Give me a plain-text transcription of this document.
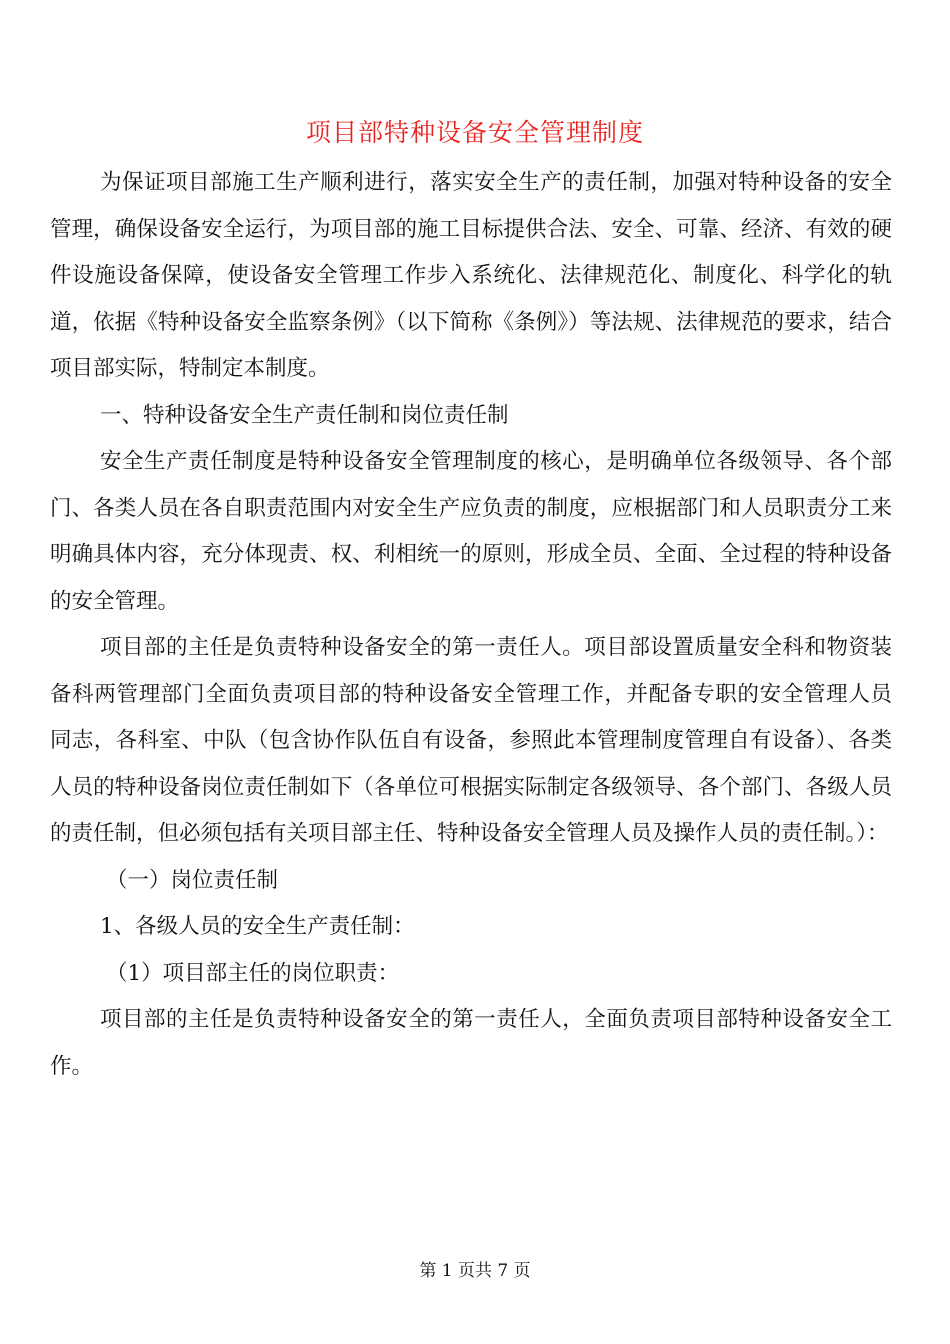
项目部特种设备安全管理制度

为保证项目部施工生产顺利进行，落实安全生产的责任制，加强对特种设备的安全管理，确保设备安全运行，为项目部的施工目标提供合法、安全、可靠、经济、有效的硬件设施设备保障，使设备安全管理工作步入系统化、法律规范化、制度化、科学化的轨道，依据《特种设备安全监察条例》（以下简称《条例》）等法规、法律规范的要求，结合项目部实际，特制定本制度。

一、特种设备安全生产责任制和岗位责任制

安全生产责任制度是特种设备安全管理制度的核心，是明确单位各级领导、各个部门、各类人员在各自职责范围内对安全生产应负责的制度，应根据部门和人员职责分工来明确具体内容，充分体现责、权、利相统一的原则，形成全员、全面、全过程的特种设备的安全管理。

项目部的主任是负责特种设备安全的第一责任人。项目部设置质量安全科和物资装备科两管理部门全面负责项目部的特种设备安全管理工作，并配备专职的安全管理人员 同志，各科室、中队（包含协作队伍自有设备，参照此本管理制度管理自有设备）、各类人员的特种设备岗位责任制如下（各单位可根据实际制定各级领导、各个部门、各级人员的责任制，但必须包括有关项目部主任、特种设备安全管理人员及操作人员的责任制。）：

（一）岗位责任制

1、各级人员的安全生产责任制：

（1）项目部主任的岗位职责：

项目部的主任是负责特种设备安全的第一责任人，全面负责项目部特种设备安全工作。

第 1 页共 7 页
